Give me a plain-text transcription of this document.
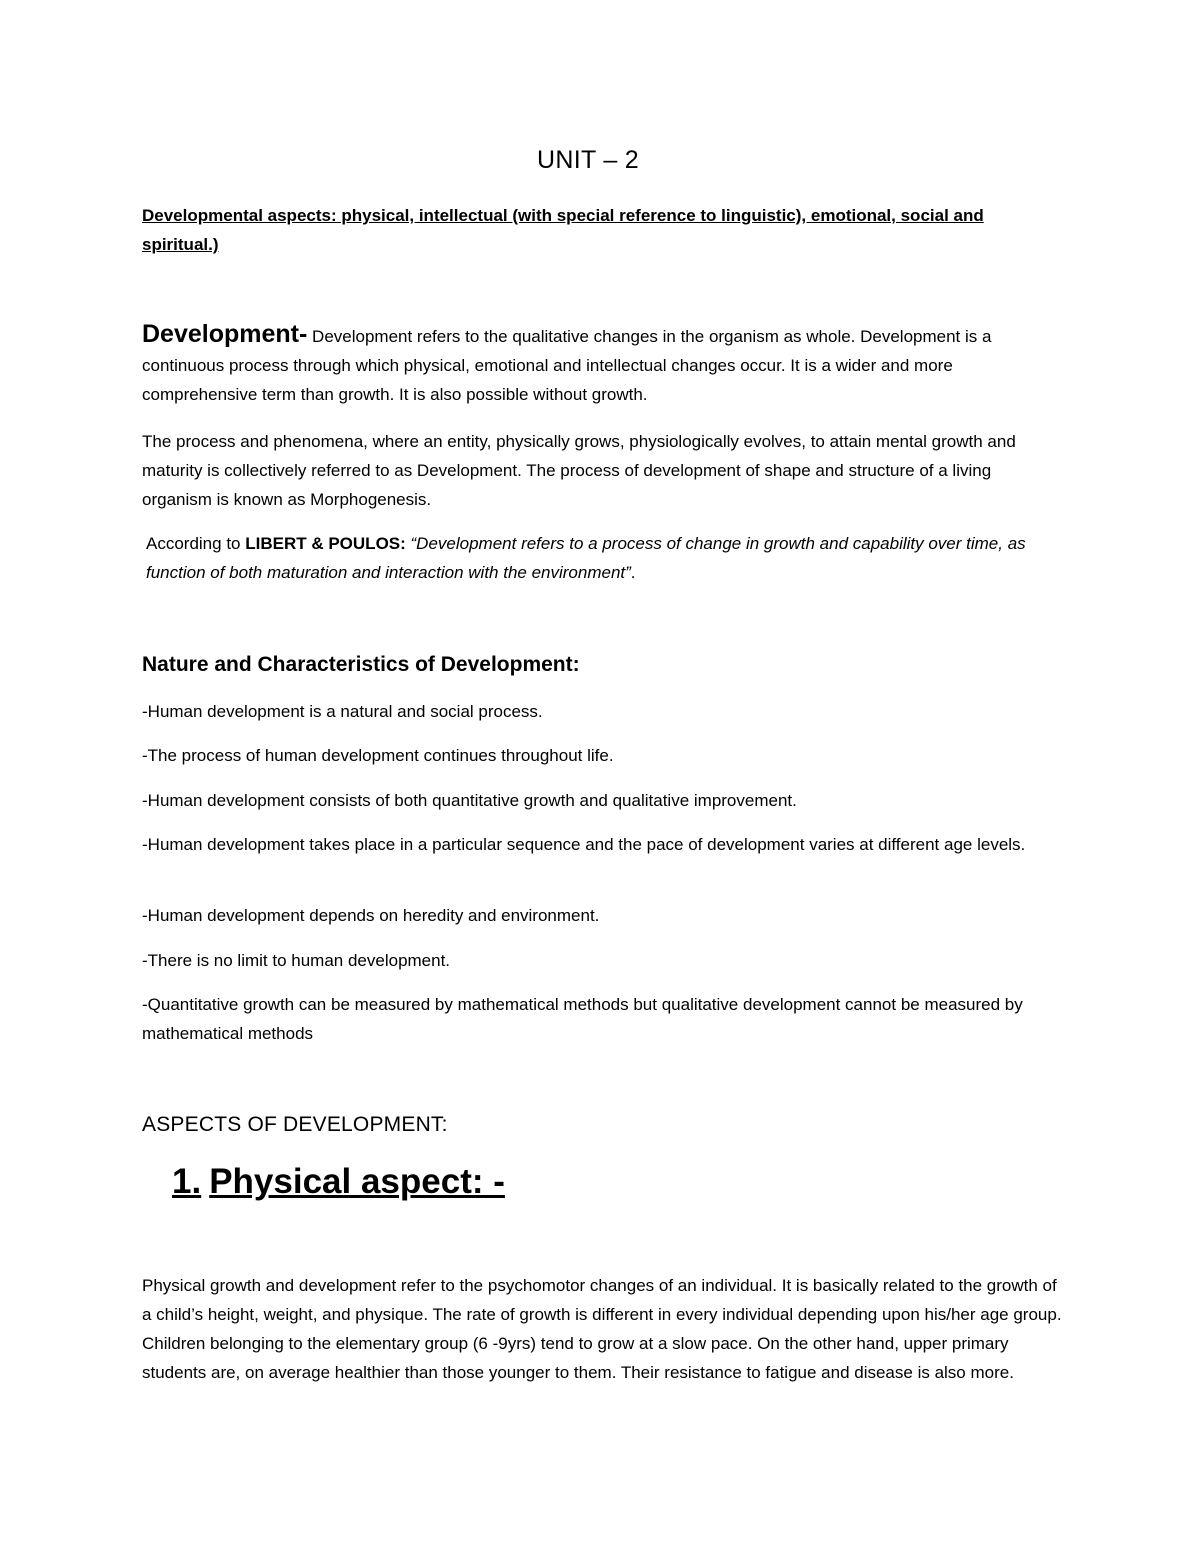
UNIT – 2
Developmental aspects: physical, intellectual (with special reference to linguistic), emotional, social and spiritual.)

Development- Development refers to the qualitative changes in the organism as whole. Development is a continuous process through which physical, emotional and intellectual changes occur. It is a wider and more comprehensive term than growth. It is also possible without growth.

The process and phenomena, where an entity, physically grows, physiologically evolves, to attain mental growth and maturity is collectively referred to as Development. The process of development of shape and structure of a living organism is known as Morphogenesis.

According to LIBERT & POULOS: “Development refers to a process of change in growth and capability over time, as function of both maturation and interaction with the environment”.

Nature and Characteristics of Development:

-Human development is a natural and social process.

-The process of human development continues throughout life.

-Human development consists of both quantitative growth and qualitative improvement.

-Human development takes place in a particular sequence and the pace of development varies at different age levels.

-Human development depends on heredity and environment.

-There is no limit to human development.

-Quantitative growth can be measured by mathematical methods but qualitative development cannot be measured by mathematical methods

ASPECTS OF DEVELOPMENT:
1. Physical aspect: -

Physical growth and development refer to the psychomotor changes of an individual. It is basically related to the growth of a child’s height, weight, and physique. The rate of growth is different in every individual depending upon his/her age group. Children belonging to the elementary group (6 -9yrs) tend to grow at a slow pace. On the other hand, upper primary students are, on average healthier than those younger to them. Their resistance to fatigue and disease is also more.
